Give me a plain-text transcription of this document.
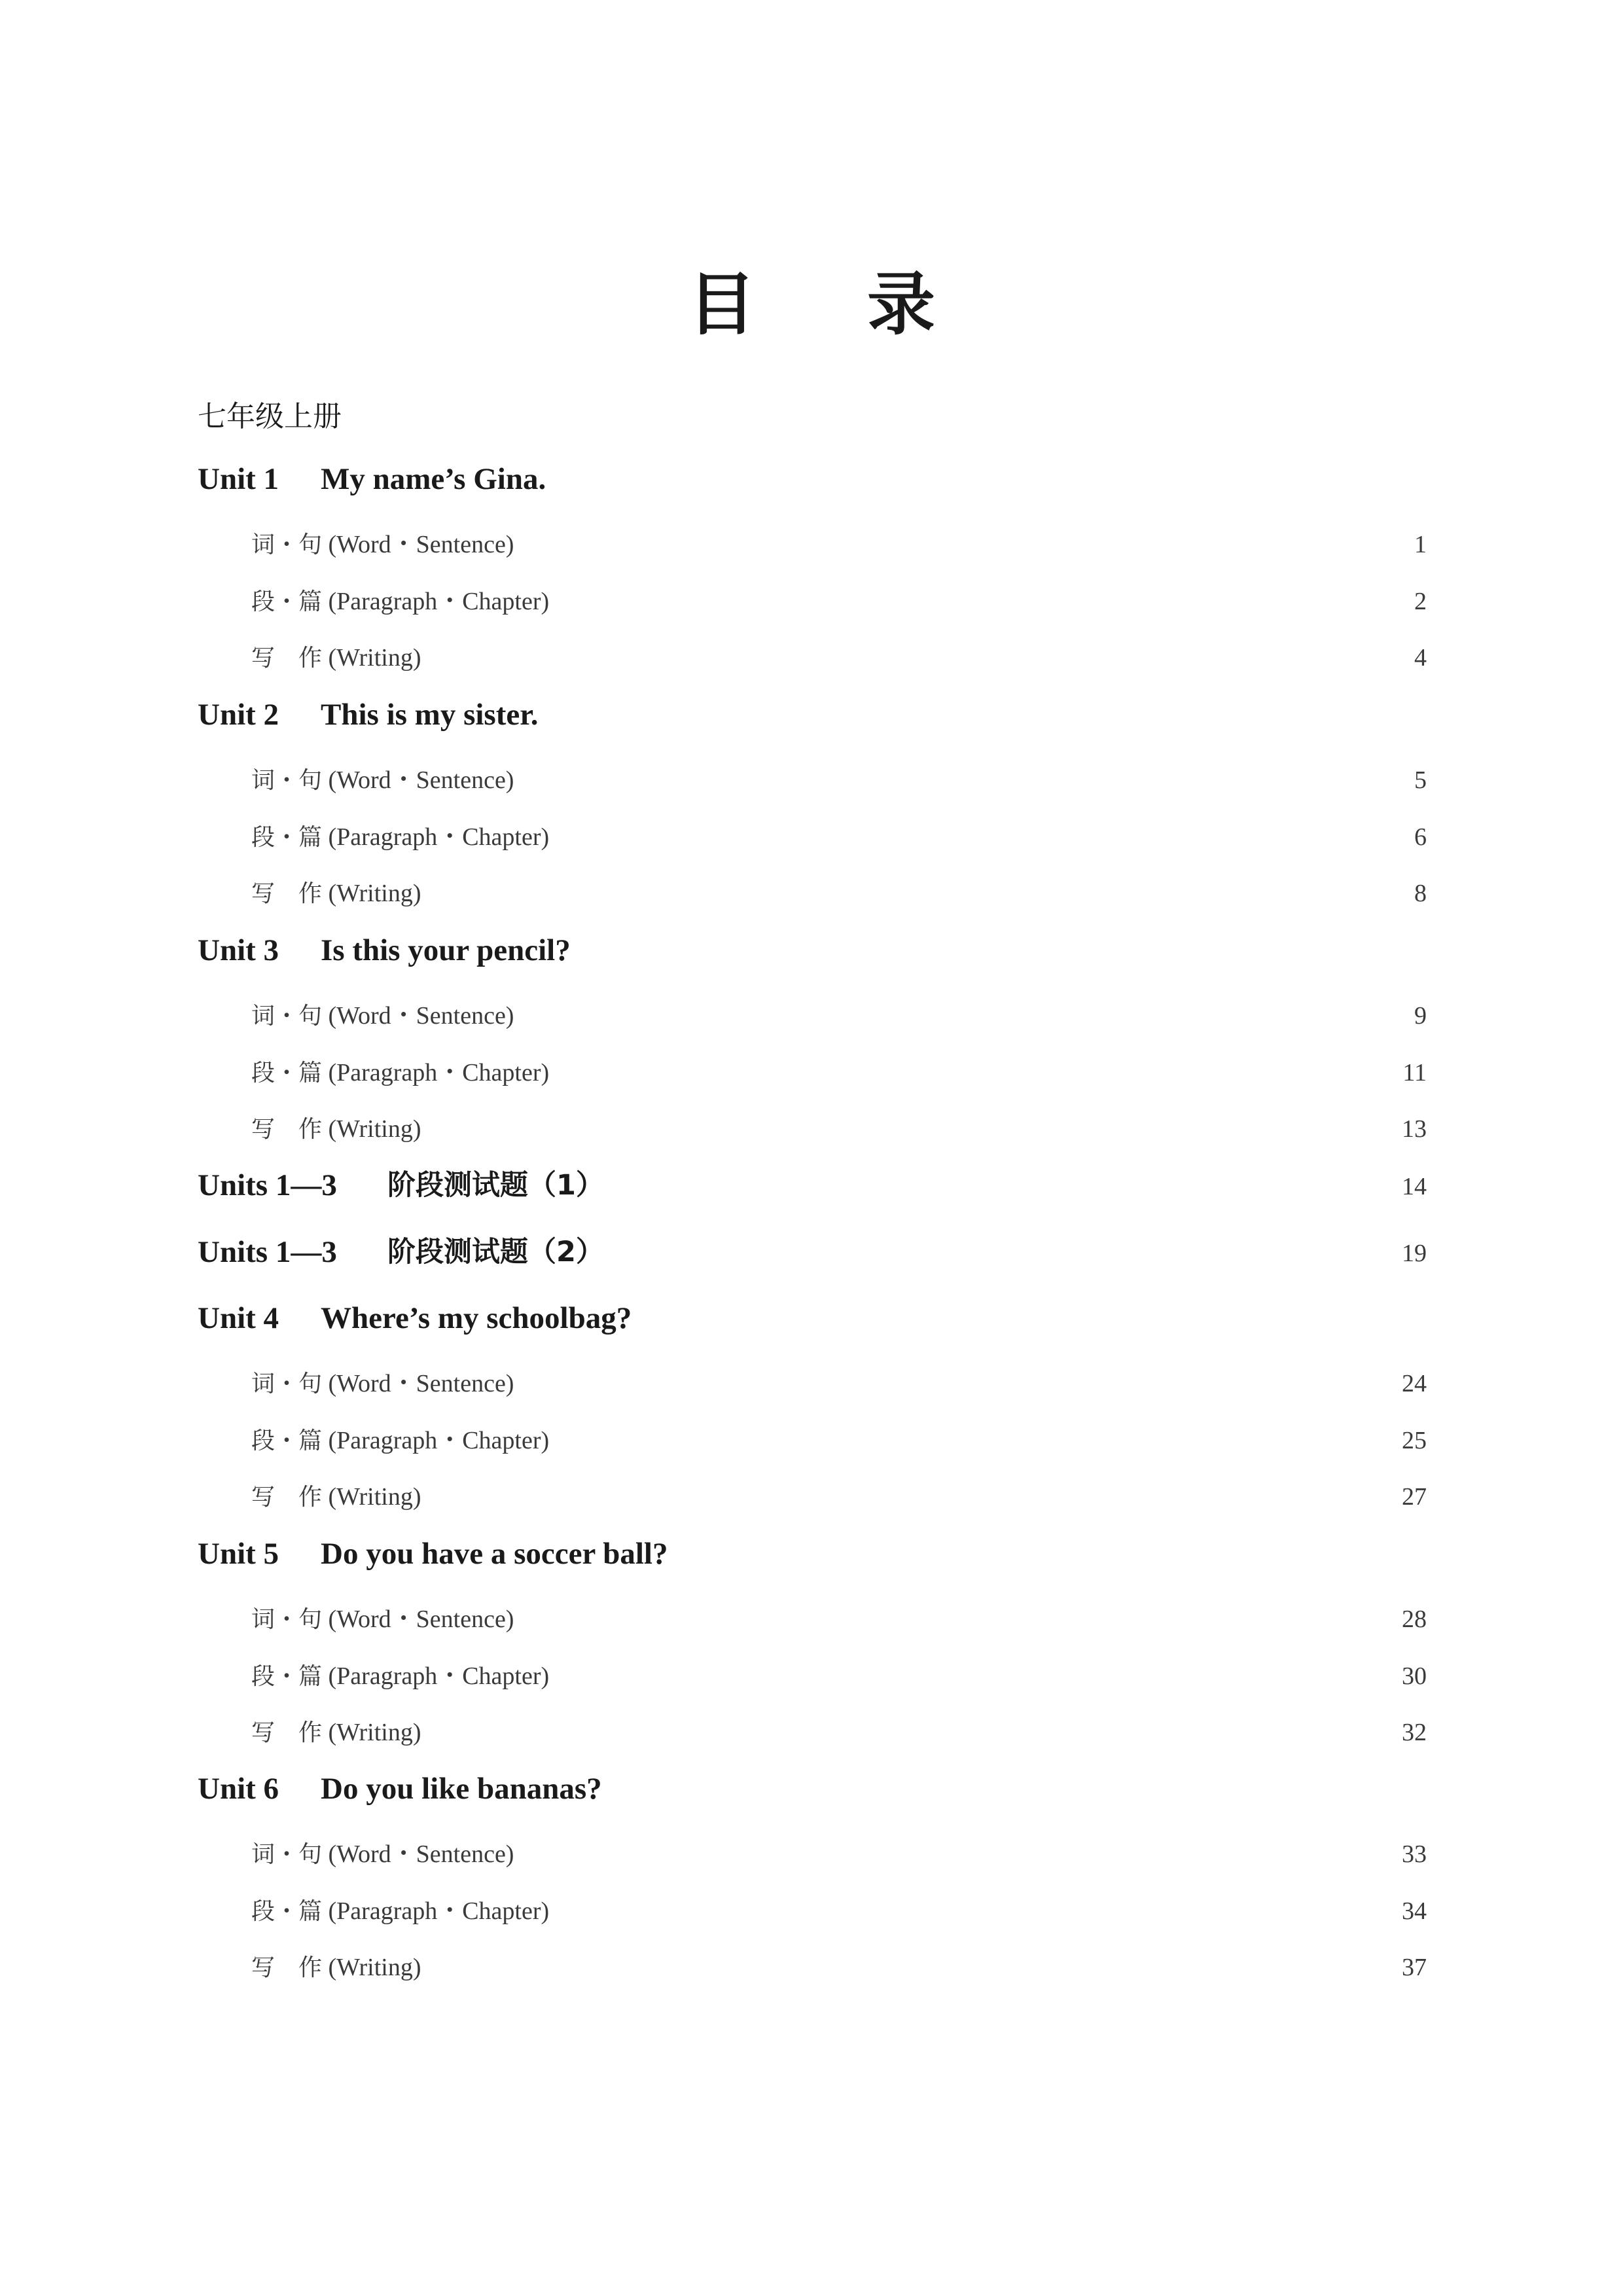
目 录
七年级上册
Unit 1 My name’s Gina.
词・句 (Word・Sentence)	1
段・篇 (Paragraph・Chapter)	2
写　作 (Writing)	4
Unit 2 This is my sister.
词・句 (Word・Sentence)	5
段・篇 (Paragraph・Chapter)	6
写　作 (Writing)	8
Unit 3 Is this your pencil?
词・句 (Word・Sentence)	9
段・篇 (Paragraph・Chapter)	11
写　作 (Writing)	13
Units 1—3 阶段测试题（1）	14
Units 1—3 阶段测试题（2）	19
Unit 4 Where’s my schoolbag?
词・句 (Word・Sentence)	24
段・篇 (Paragraph・Chapter)	25
写　作 (Writing)	27
Unit 5 Do you have a soccer ball?
词・句 (Word・Sentence)	28
段・篇 (Paragraph・Chapter)	30
写　作 (Writing)	32
Unit 6 Do you like bananas?
词・句 (Word・Sentence)	33
段・篇 (Paragraph・Chapter)	34
写　作 (Writing)	37
